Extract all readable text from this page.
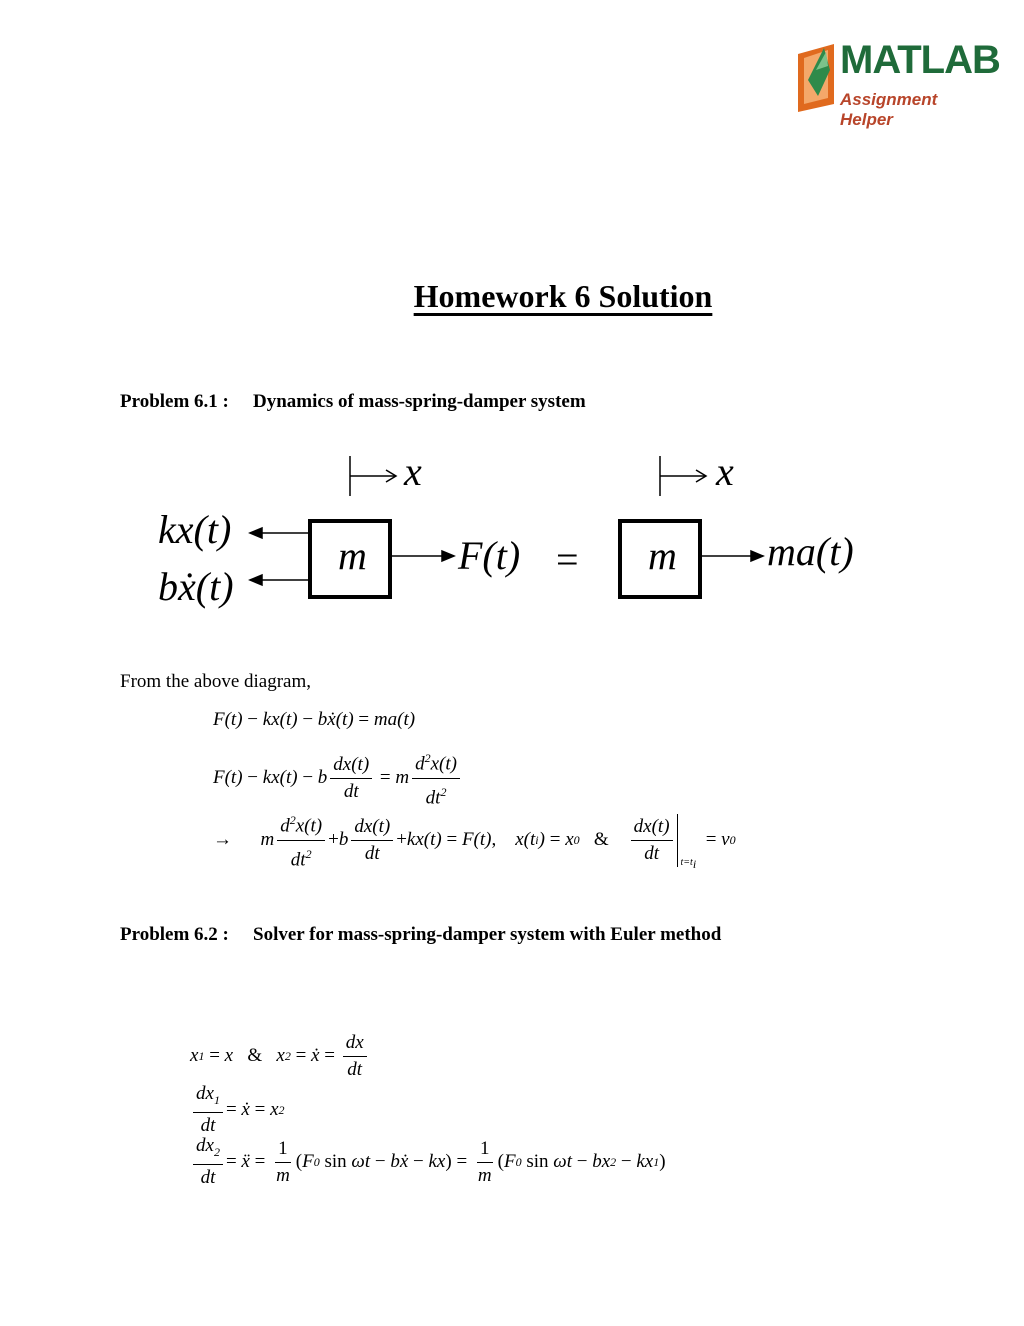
MATLAB
Assignment Helper
Homework 6 Solution
Problem 6.1 : Dynamics of mass-spring-damper system
x	x
kx(t)
bẋ(t)
m	m
F(t) =	ma(t)
From the above diagram,
F(t) − kx(t) − bẋ(t) = ma(t)
F(t) − kx(t) − b $\frac{dx(t)}{dt} = m \frac{d^2x(t)}{dt^2}$
→ m $\frac{d^2x(t)}{dt^2} + b \frac{dx(t)}{dt} + kx(t) = F(t)$ , x(t i ) = x 0 & $\frac{dx(t)}{dt} t=t_i$
= v 0
Problem 6.2 : Solver for mass-spring-damper system with Euler method
x 1 = x & x 2 = ẋ = $\frac{dx}{dt}$
$\frac{dx_1}{dt}$ = ẋ = x 2
$\frac{dx_2}{dt}$ = ẍ = $\frac{1}{m}$ ( F 0 sin ωt − bẋ − kx ) = $\frac{1}{m}$ ( F 0 sin ωt − bx 2 − kx 1 )
